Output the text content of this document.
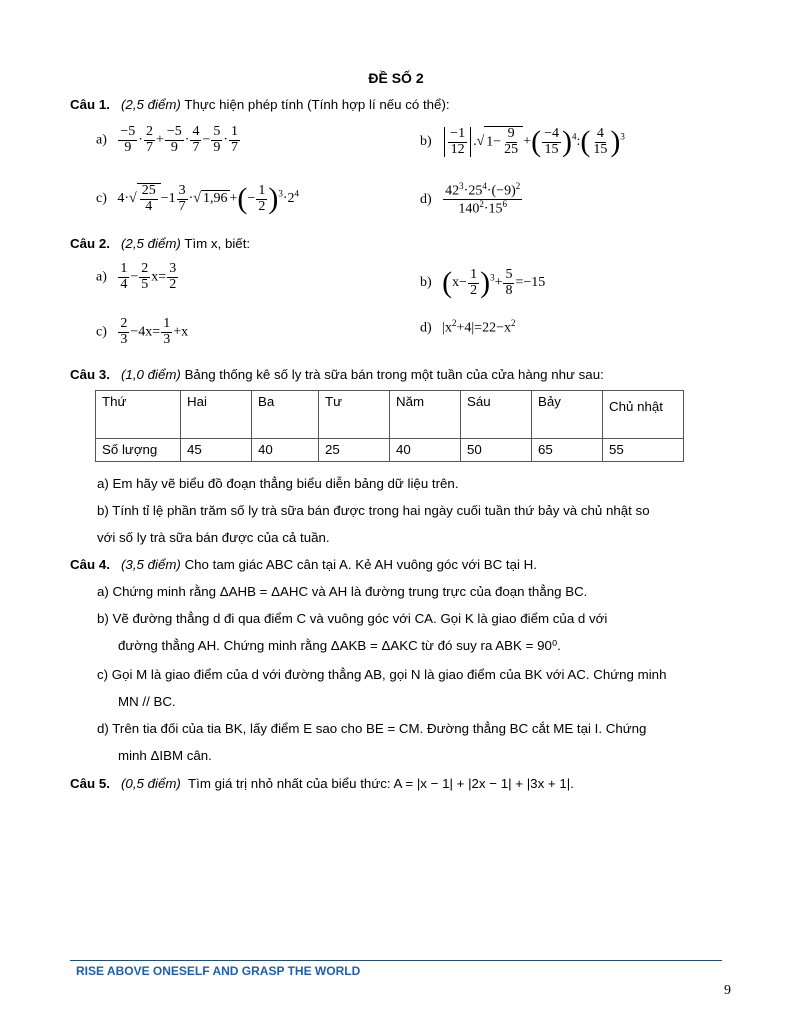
ĐỀ SỐ 2
Câu 1. (2,5 điểm) Thực hiện phép tính (Tính hợp lí nếu có thể):
$a) \frac{-5}{9} \cdot \frac{2}{7} + \frac{-5}{9} \cdot \frac{4}{7} - \frac{5}{9} \cdot \frac{1}{7}$	$b) \frac{-1}{12}$ .√ $1- \frac{9}{25}$ +( $\frac{-4}{15}$ )$^4$:( $\frac{4}{15} )^3$
c)   $4\cdot√ \frac{25}{4} -1 \frac{3}{7}$ ·√ 1,96 +(− $\frac{1}{2} )^3\cdot 2^4$	$d) \frac{42^3\cdot 25^4\cdot(-9)^2}{140^2\cdot 15^6}$
Câu 2. (2,5 điểm) Tìm x, biết:
$a) \frac{1}{4} - \frac{2}{5} x= \frac{3}{2}$	b)   $(x- \frac{1}{2} )^3+ \frac{5}{8} =-15$
$c) \frac{2}{3} -4x= \frac{1}{3} +x$	d)   $|x^2+4|=22-x^2$
Câu 3. (1,0 điểm) Bảng thống kê số ly trà sữa bán trong một tuần của cửa hàng như sau:
Thứ	Hai	Ba	Tư	Năm	Sáu	Bảy	Chủ nhật
Số lượng	45	40	25	40	50	65	55
a) Em hãy vẽ biểu đồ đoạn thẳng biểu diễn bảng dữ liệu trên.
b) Tính tỉ lệ phần trăm số ly trà sữa bán được trong hai ngày cuối tuần thứ bảy và chủ nhật so
với số ly trà sữa bán được của cả tuần.
Câu 4. (3,5 điểm) Cho tam giác ABC cân tại A. Kẻ AH vuông góc với BC tại H.
a) Chứng minh rằng ΔAHB = ΔAHC và AH là đường trung trực của đoạn thẳng BC.
b) Vẽ đường thẳng d đi qua điểm C và vuông góc với CA. Gọi K là giao điểm của d với
đường thẳng AH. Chứng minh rằng ΔAKB = ΔAKC từ đó suy ra ABK = 90⁰.
c) Gọi M là giao điểm của d với đường thẳng AB, gọi N là giao điểm của BK với AC. Chứng minh
MN // BC.
d) Trên tia đối của tia BK, lấy điểm E sao cho BE = CM. Đường thẳng BC cắt ME tại I. Chứng
minh ΔIBM cân.
Câu 5. (0,5 điểm) Tìm giá trị nhỏ nhất của biểu thức: A = |x − 1| + |2x − 1| + |3x + 1|.
RISE ABOVE ONESELF AND GRASP THE WORLD
9
